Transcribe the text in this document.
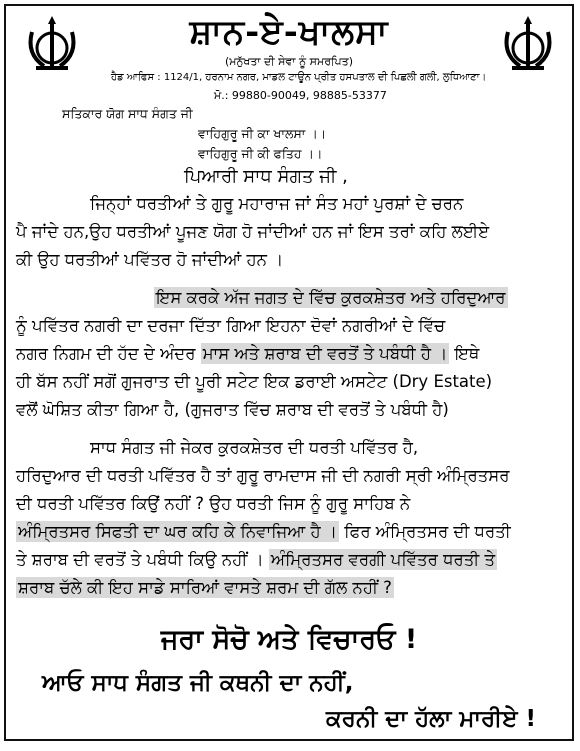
ਸ਼ਾਨ-ਏ-ਖਾਲਸਾ
(ਮਨੁੱਖਤਾ ਦੀ ਸੇਵਾ ਨੂੰ ਸਮਰਪਿਤ)
ਹੈਡ ਆਫਿਸ : 1124/1, ਹਰਨਾਮ ਨਗਰ, ਮਾਡਲ ਟਾਊਨ ਪ੍ਰੀਤ ਹਸਪਤਾਲ ਦੀ ਪਿਛਲੀ ਗਲੀ, ਲੁਧਿਆਣਾ।
ਮੋ.: 99880-90049, 98885-53377
ਸਤਿਕਾਰ ਯੋਗ ਸਾਧ ਸੰਗਤ ਜੀ
ਵਾਹਿਗੁਰੂ ਜੀ ਕਾ ਖਾਲਸਾ ।।
ਵਾਹਿਗੁਰੂ ਜੀ ਕੀ ਫਤਿਹ ।।
ਪਿਆਰੀ ਸਾਧ ਸੰਗਤ ਜੀ ,
ਜਿਨ੍ਹਾਂ ਧਰਤੀਆਂ ਤੇ ਗੁਰੂ ਮਹਾਰਾਜ ਜਾਂ ਸੰਤ ਮਹਾਂ ਪੁਰਸ਼ਾਂ ਦੇ ਚਰਨ
ਪੈ ਜਾਂਦੇ ਹਨ,ਉਹ ਧਰਤੀਆਂ ਪੂਜਣ ਯੋਗ ਹੋ ਜਾਂਦੀਆਂ ਹਨ ਜਾਂ ਇਸ ਤਰਾਂ ਕਹਿ ਲਈਏ
ਕੀ ਉਹ ਧਰਤੀਆਂ ਪਵਿੱਤਰ ਹੋ ਜਾਂਦੀਆਂ ਹਨ ।
ਇਸ ਕਰਕੇ ਅੱਜ ਜਗਤ ਦੇ ਵਿੱਚ ਕੁਰਕਸ਼ੇਤਰ ਅਤੇ ਹਰਿਦੁਆਰ
ਨੂੰ ਪਵਿੱਤਰ ਨਗਰੀ ਦਾ ਦਰਜਾ ਦਿੱਤਾ ਗਿਆ ਇਹਨਾ ਦੋਵਾਂ ਨਗਰੀਆਂ ਦੇ ਵਿੱਚ
ਨਗਰ ਨਿਗਮ ਦੀ ਹੱਦ ਦੇ ਅੰਦਰ ਮਾਸ ਅਤੇ ਸ਼ਰਾਬ ਦੀ ਵਰਤੋਂ ਤੇ ਪਬੰਧੀ ਹੈ । ਇਥੇ
ਹੀ ਬੱਸ ਨਹੀਂ ਸਗੋਂ ਗੁਜਰਾਤ ਦੀ ਪੂਰੀ ਸਟੇਟ ਇਕ ਡਰਾਈ ਅਸਟੇਟ (Dry Estate)
ਵਲੋਂ ਘੋਸ਼ਿਤ ਕੀਤਾ ਗਿਆ ਹੈ, (ਗੁਜਰਾਤ ਵਿੱਚ ਸ਼ਰਾਬ ਦੀ ਵਰਤੋਂ ਤੇ ਪਬੰਧੀ ਹੈ)
ਸਾਧ ਸੰਗਤ ਜੀ ਜੇਕਰ ਕੁਰਕਸ਼ੇਤਰ ਦੀ ਧਰਤੀ ਪਵਿੱਤਰ ਹੈ,
ਹਰਿਦੁਆਰ ਦੀ ਧਰਤੀ ਪਵਿੱਤਰ ਹੈ ਤਾਂ ਗੁਰੂ ਰਾਮਦਾਸ ਜੀ ਦੀ ਨਗਰੀ ਸ੍ਰੀ ਅੰਮ੍ਰਿਤਸਰ
ਦੀ ਧਰਤੀ ਪਵਿੱਤਰ ਕਿਉਂ ਨਹੀਂ ? ਉਹ ਧਰਤੀ ਜਿਸ ਨੂੰ ਗੁਰੂ ਸਾਹਿਬ ਨੇ
ਅੰਮ੍ਰਿਤਸਰ ਸਿਫਤੀ ਦਾ ਘਰ ਕਹਿ ਕੇ ਨਿਵਾਜਿਆ ਹੈ । ਫਿਰ ਅੰਮ੍ਰਿਤਸਰ ਦੀ ਧਰਤੀ
ਤੇ ਸ਼ਰਾਬ ਦੀ ਵਰਤੋਂ ਤੇ ਪਬੰਧੀ ਕਿਉ ਨਹੀਂ । ਅੰਮ੍ਰਿਤਸਰ ਵਰਗੀ ਪਵਿੱਤਰ ਧਰਤੀ ਤੇ
ਸ਼ਰਾਬ ਚੱਲੇ ਕੀ ਇਹ ਸਾਡੇ ਸਾਰਿਆਂ ਵਾਸਤੇ ਸ਼ਰਮ ਦੀ ਗੱਲ ਨਹੀਂ ?
ਜਰਾ ਸੋਚੋ ਅਤੇ ਵਿਚਾਰਓ !
ਆਓ ਸਾਧ ਸੰਗਤ ਜੀ ਕਥਨੀ ਦਾ ਨਹੀਂ,
ਕਰਨੀ ਦਾ ਹੱਲਾ ਮਾਰੀਏ !
